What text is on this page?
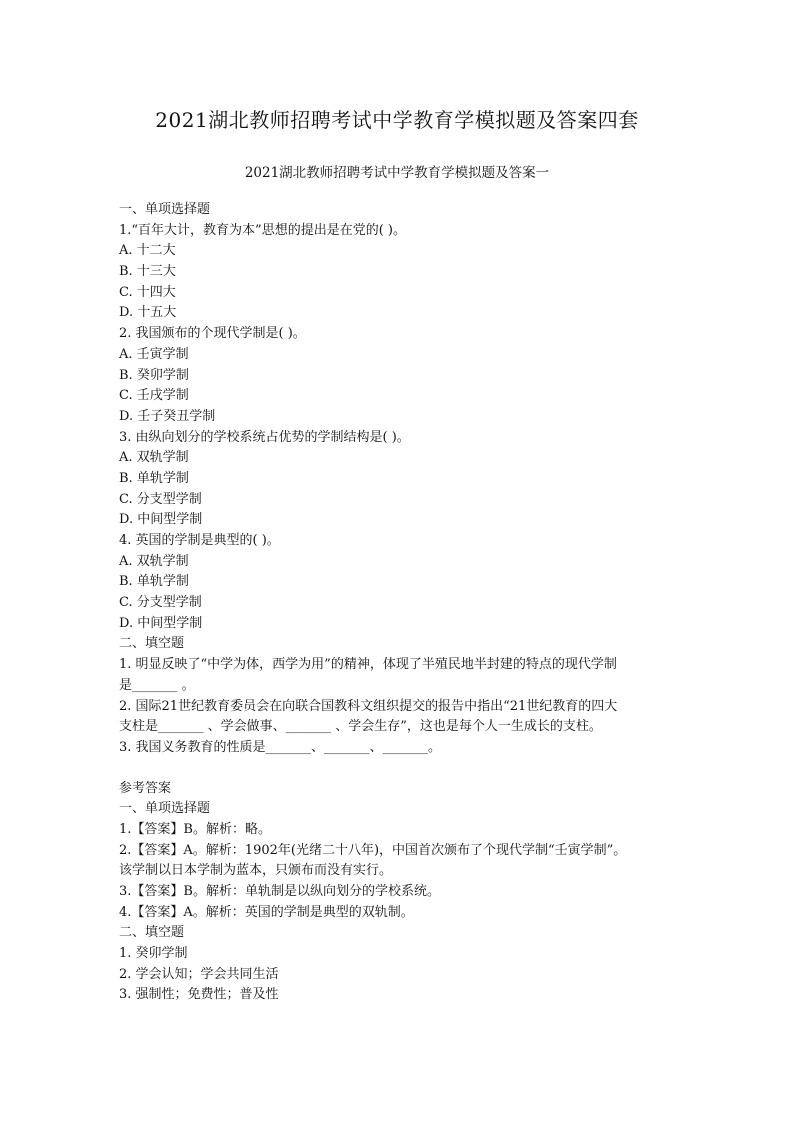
2021湖北教师招聘考试中学教育学模拟题及答案四套
2021湖北教师招聘考试中学教育学模拟题及答案一
一、单项选择题
1.“百年大计，教育为本”思想的提出是在党的( )。
A. 十二大
B. 十三大
C. 十四大
D. 十五大
2. 我国颁布的个现代学制是( )。
A. 壬寅学制
B. 癸卯学制
C. 壬戌学制
D. 壬子癸丑学制
3. 由纵向划分的学校系统占优势的学制结构是( )。
A. 双轨学制
B. 单轨学制
C. 分支型学制
D. 中间型学制
4. 英国的学制是典型的( )。
A. 双轨学制
B. 单轨学制
C. 分支型学制
D. 中间型学制
二、填空题
1. 明显反映了“中学为体，西学为用”的精神，体现了半殖民地半封建的特点的现代学制
是_______ 。
2. 国际21世纪教育委员会在向联合国教科文组织提交的报告中指出“21世纪教育的四大
支柱是_______ 、学会做事、_______ 、学会生存”，这也是每个人一生成长的支柱。
3. 我国义务教育的性质是_______、_______、_______。
参考答案
一、单项选择题
1.【答案】B。解析：略。
2.【答案】A。解析：1902年(光绪二十八年)，中国首次颁布了个现代学制“壬寅学制”。
该学制以日本学制为蓝本，只颁布而没有实行。
3.【答案】B。解析：单轨制是以纵向划分的学校系统。
4.【答案】A。解析：英国的学制是典型的双轨制。
二、填空题
1. 癸卯学制
2. 学会认知；学会共同生活
3. 强制性；免费性；普及性
